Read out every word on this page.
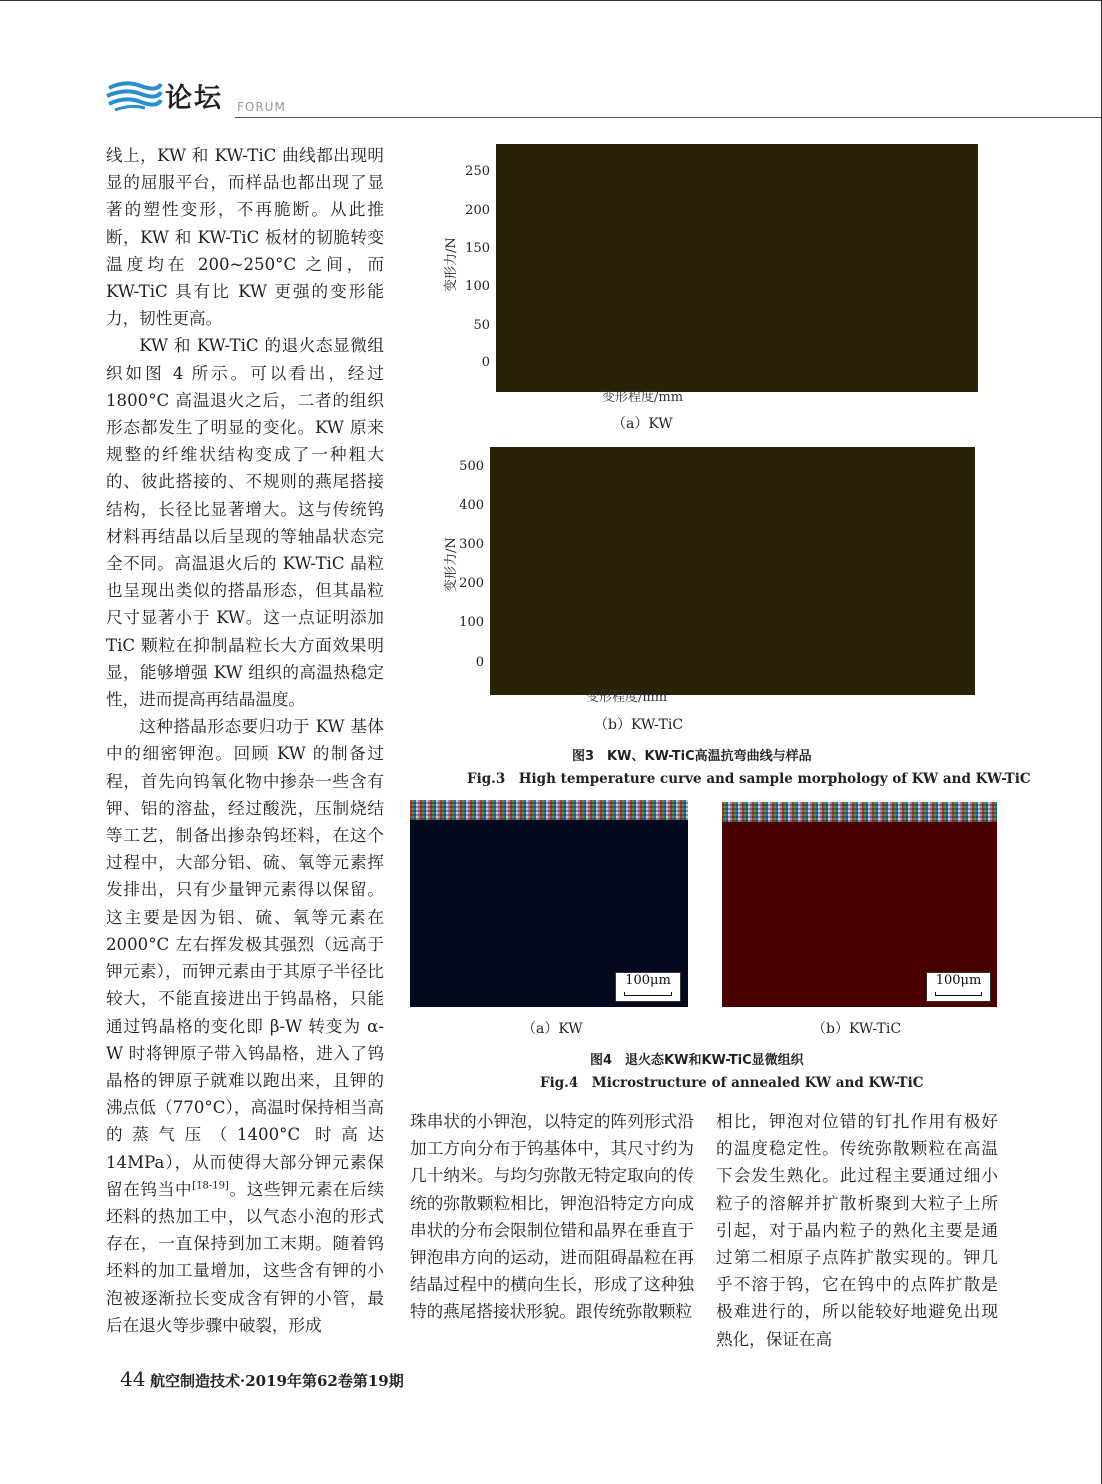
论坛 FORUM

线上，KW 和 KW-TiC 曲线都出现明显的屈服平台，而样品也都出现了显著的塑性变形，不再脆断。从此推断，KW 和 KW-TiC 板材的韧脆转变温度均在 200~250°C 之间，而 KW-TiC 具有比 KW 更强的变形能力，韧性更高。

KW 和 KW-TiC 的退火态显微组织如图 4 所示。可以看出，经过 1800°C 高温退火之后，二者的组织形态都发生了明显的变化。KW 原来规整的纤维状结构变成了一种粗大的、彼此搭接的、不规则的燕尾搭接结构，长径比显著增大。这与传统钨材料再结晶以后呈现的等轴晶状态完全不同。高温退火后的 KW-TiC 晶粒也呈现出类似的搭晶形态，但其晶粒尺寸显著小于 KW。这一点证明添加 TiC 颗粒在抑制晶粒长大方面效果明显，能够增强 KW 组织的高温热稳定性，进而提高再结晶温度。

这种搭晶形态要归功于 KW 基体中的细密钾泡。回顾 KW 的制备过程，首先向钨氧化物中掺杂一些含有钾、铝的溶盐，经过酸洗，压制烧结等工艺，制备出掺杂钨坯料，在这个过程中，大部分铝、硫、氧等元素挥发排出，只有少量钾元素得以保留。这主要是因为铝、硫、氧等元素在 2000°C 左右挥发极其强烈（远高于钾元素），而钾元素由于其原子半径比较大，不能直接进出于钨晶格，只能通过钨晶格的变化即 β-W 转变为 α-W 时将钾原子带入钨晶格，进入了钨晶格的钾原子就难以跑出来，且钾的沸点低（770°C），高温时保持相当高的蒸气压（1400°C 时高达 14MPa），从而使得大部分钾元素保留在钨当中[18-19]。这些钾元素在后续坯料的热加工中，以气态小泡的形式存在，一直保持到加工末期。随着钨坯料的加工量增加，这些含有钾的小泡被逐渐拉长变成含有钾的小管，最后在退火等步骤中破裂，形成

变形力/N
250
200
150
100
50
0
变形程度/mm
（a）KW
变形力/N
500
400
300
200
100
0
变形程度/mm
（b）KW-TiC
图3　KW、KW-TiC高温抗弯曲线与样品
Fig.3　High temperature curve and sample morphology of KW and KW-TiC
100μm	100μm
（a）KW	（b）KW-TiC
图4　退火态KW和KW-TiC显微组织
Fig.4　Microstructure of annealed KW and KW-TiC

珠串状的小钾泡，以特定的阵列形式沿加工方向分布于钨基体中，其尺寸约为几十纳米。与均匀弥散无特定取向的传统的弥散颗粒相比，钾泡沿特定方向成串状的分布会限制位错和晶界在垂直于钾泡串方向的运动，进而阻碍晶粒在再结晶过程中的横向生长，形成了这种独特的燕尾搭接状形貌。跟传统弥散颗粒

相比，钾泡对位错的钉扎作用有极好的温度稳定性。传统弥散颗粒在高温下会发生熟化。此过程主要通过细小粒子的溶解并扩散析聚到大粒子上所引起，对于晶内粒子的熟化主要是通过第二相原子点阵扩散实现的。钾几乎不溶于钨，它在钨中的点阵扩散是极难进行的，所以能较好地避免出现熟化，保证在高

44 航空制造技术·2019年第62卷第19期
